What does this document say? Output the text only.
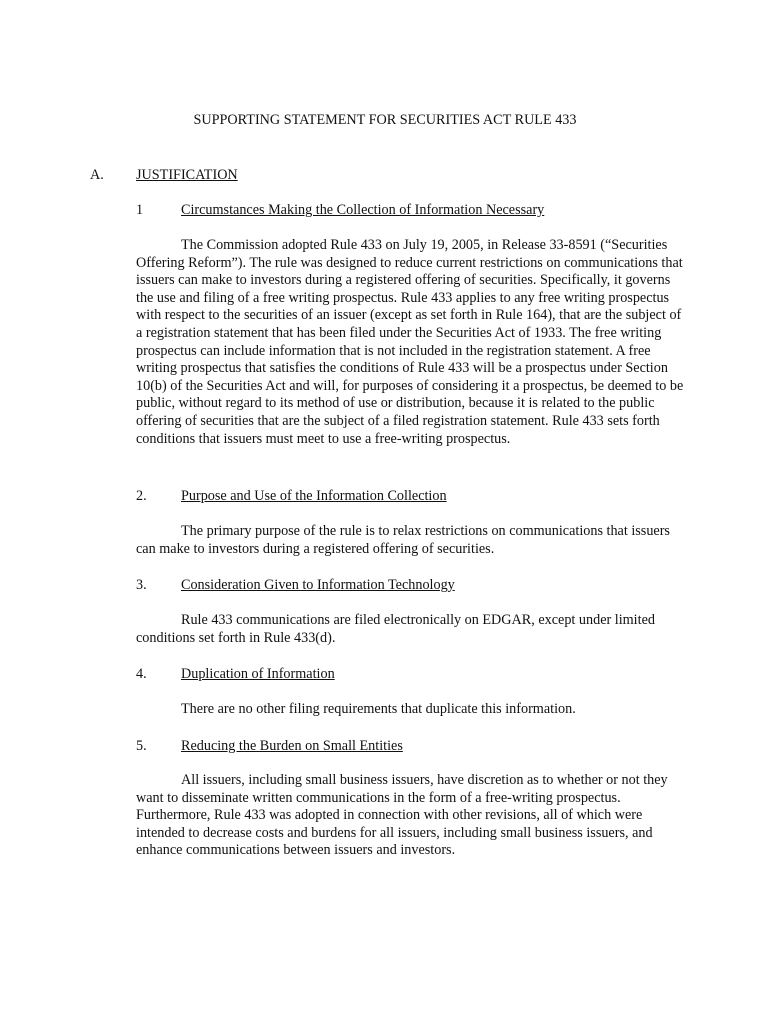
SUPPORTING STATEMENT FOR SECURITIES ACT RULE 433
A. JUSTIFICATION
1	Circumstances Making the Collection of Information Necessary

The Commission adopted Rule 433 on July 19, 2005, in Release 33-8591 (“Securities Offering Reform”). The rule was designed to reduce current restrictions on communications that issuers can make to investors during a registered offering of securities. Specifically, it governs the use and filing of a free writing prospectus. Rule 433 applies to any free writing prospectus with respect to the securities of an issuer (except as set forth in Rule 164), that are the subject of a registration statement that has been filed under the Securities Act of 1933. The free writing prospectus can include information that is not included in the registration statement. A free writing prospectus that satisfies the conditions of Rule 433 will be a prospectus under Section 10(b) of the Securities Act and will, for purposes of considering it a prospectus, be deemed to be public, without regard to its method of use or distribution, because it is related to the public offering of securities that are the subject of a filed registration statement. Rule 433 sets forth conditions that issuers must meet to use a free-writing prospectus.

2. Purpose and Use of the Information Collection

The primary purpose of the rule is to relax restrictions on communications that issuers can make to investors during a registered offering of securities.

3. Consideration Given to Information Technology

Rule 433 communications are filed electronically on EDGAR, except under limited conditions set forth in Rule 433(d).

4. Duplication of Information

There are no other filing requirements that duplicate this information.

5. Reducing the Burden on Small Entities

All issuers, including small business issuers, have discretion as to whether or not they want to disseminate written communications in the form of a free-writing prospectus. Furthermore, Rule 433 was adopted in connection with other revisions, all of which were intended to decrease costs and burdens for all issuers, including small business issuers, and enhance communications between issuers and investors.
